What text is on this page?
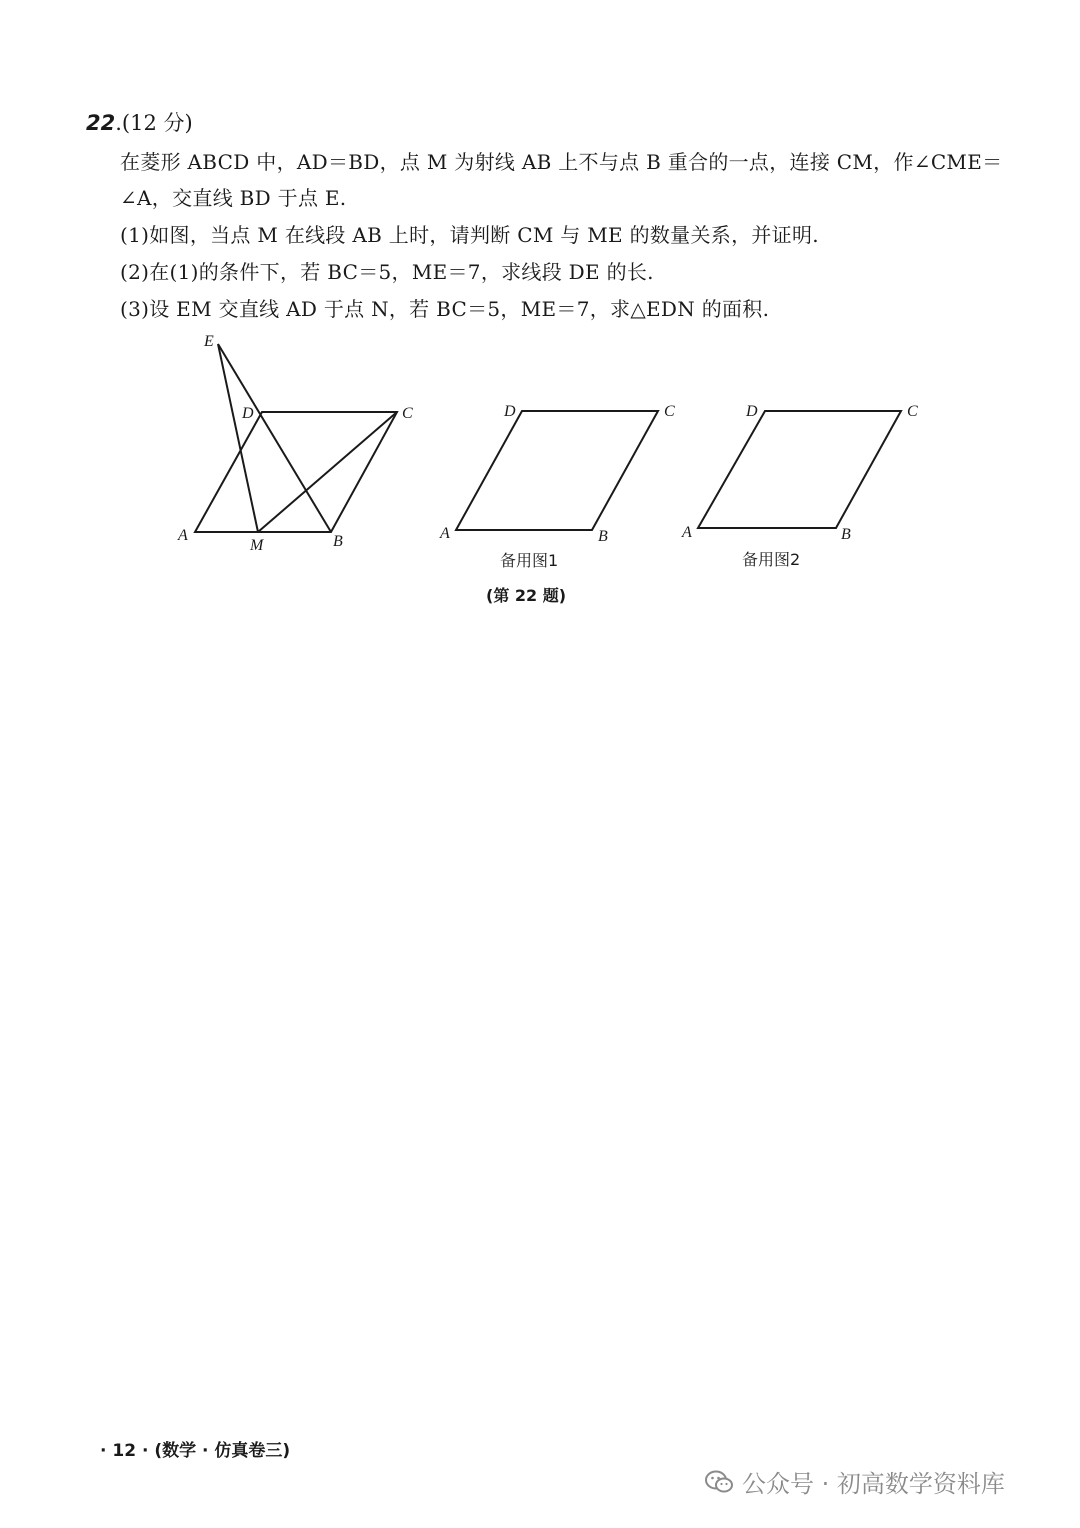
22.(12 分)
在菱形 ABCD 中，AD＝BD，点 M 为射线 AB 上不与点 B 重合的一点，连接 CM，作∠CME＝
∠A，交直线 BD 于点 E.
(1)如图，当点 M 在线段 AB 上时，请判断 CM 与 ME 的数量关系，并证明.
(2)在(1)的条件下，若 BC＝5，ME＝7，求线段 DE 的长.
(3)设 EM 交直线 AD 于点 N，若 BC＝5，ME＝7，求△EDN 的面积.
E
D	C
A
M	B
D	C
A	B
备用图1
D	C
A	B
备用图2
(第 22 题)
· 12 · (数学 · 仿真卷三)
公众号 · 初高数学资料库
